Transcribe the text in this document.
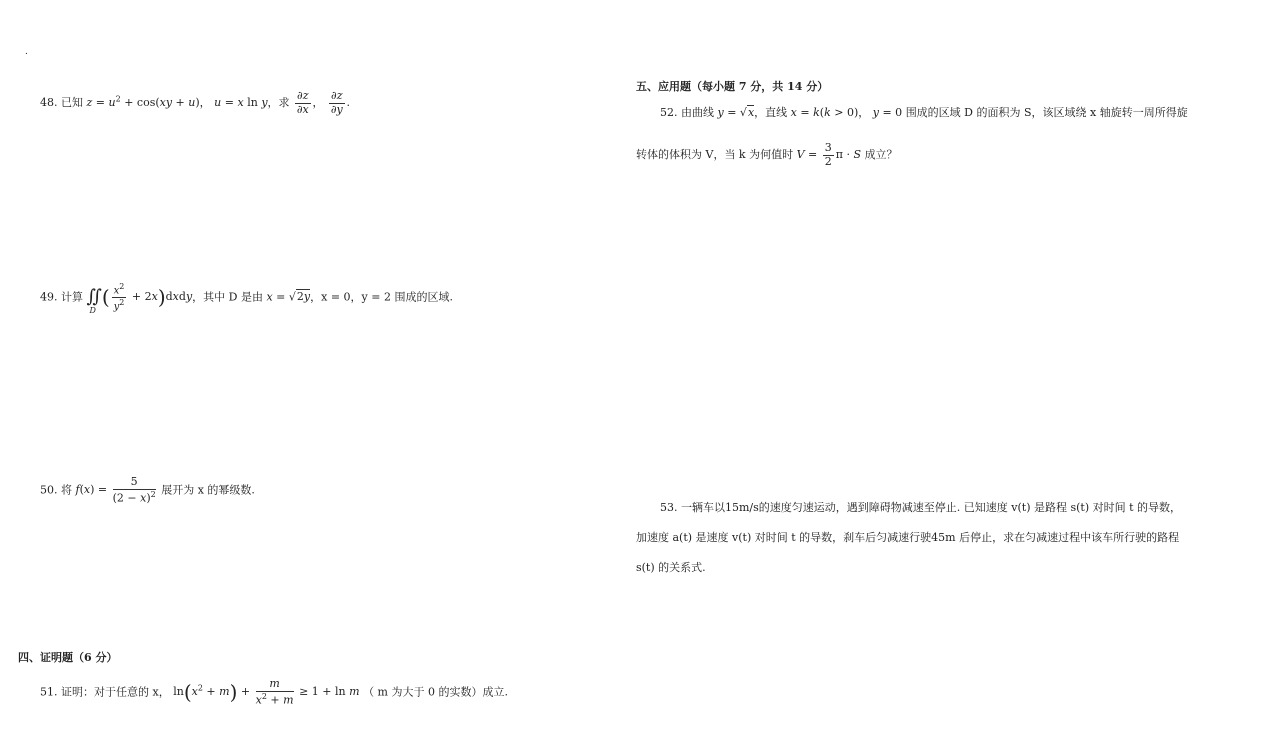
.
48. 已知 $z = u^2 + \cos(xy + u)$， u = x ln y，求 $\frac{\partial z}{\partial x}$ ， $\frac{\partial z}{\partial y}$ .
49. 计算 ∬
D
( $\frac{x^2}{y^2}$ + 2x)dxdy，其中 D 是由 x = √2y，x = 0，y = 2 围成的区域.
50. 将 $f(x) = \frac{5}{(2 - x)^2}$ 展开为 x 的幂级数.
四、证明题（6 分）
51. 证明：对于任意的 x， $\ln(x^2 + m) + \frac{m}{x^2 + m} \ge 1 + \ln m$ （ m 为大于 0 的实数）成立.
五、应用题（每小题 7 分，共 14 分）
52. 由曲线 y = √x，直线 x = k(k > 0)， y = 0 围成的区域 D 的面积为 S，该区域绕 x 轴旋转一周所得旋
转体的体积为 V，当 k 为何值时 $V = \frac{3}{2}$ π · S 成立？
53. 一辆车以15m/s的速度匀速运动，遇到障碍物减速至停止. 已知速度 v(t) 是路程 s(t) 对时间 t 的导数，
加速度 a(t) 是速度 v(t) 对时间 t 的导数，刹车后匀减速行驶45m 后停止，求在匀减速过程中该车所行驶的路程
s(t) 的关系式.
